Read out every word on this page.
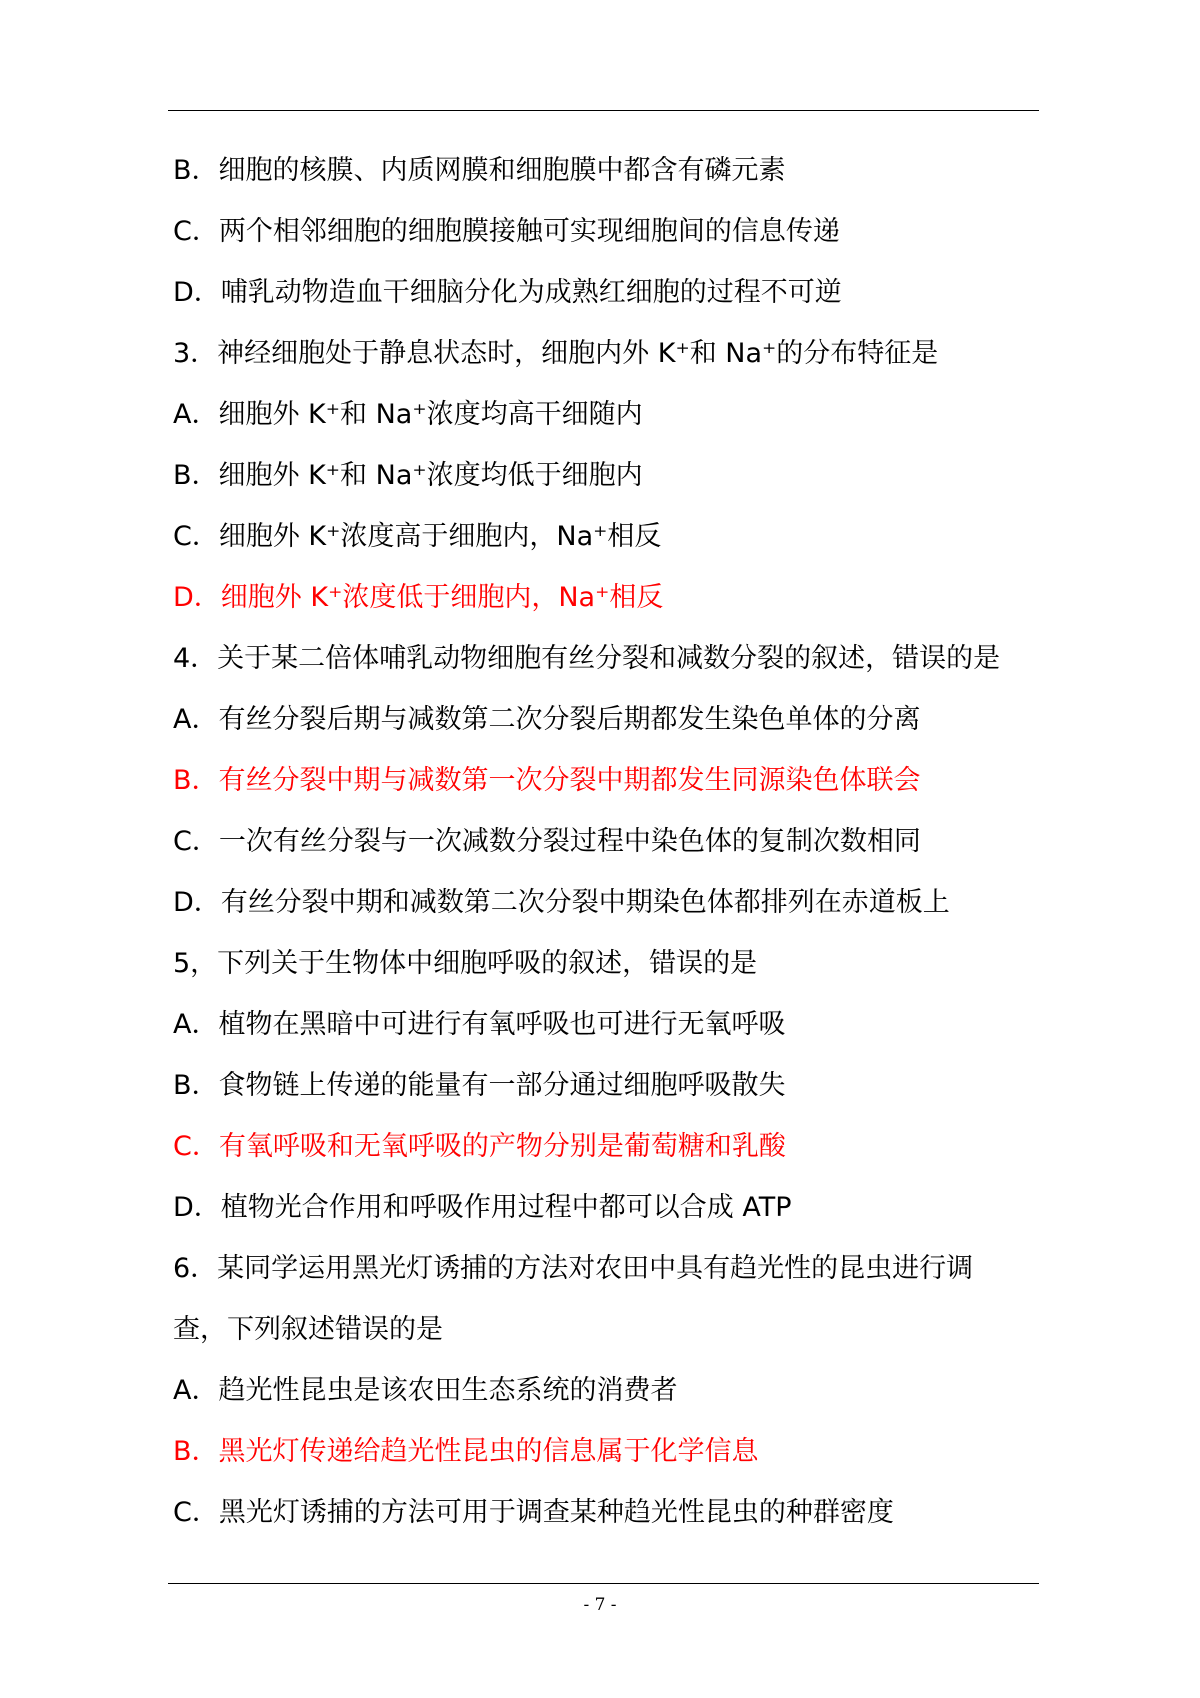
B．细胞的核膜、内质网膜和细胞膜中都含有磷元素
C．两个相邻细胞的细胞膜接触可实现细胞间的信息传递
D．哺乳动物造血干细脑分化为成熟红细胞的过程不可逆
3．神经细胞处于静息状态时，细胞内外 K⁺和 Na⁺的分布特征是
A．细胞外 K⁺和 Na⁺浓度均高干细随内
B．细胞外 K⁺和 Na⁺浓度均低于细胞内
C．细胞外 K⁺浓度高于细胞内，Na⁺相反
D．细胞外 K⁺浓度低于细胞内，Na⁺相反
4．关于某二倍体哺乳动物细胞有丝分裂和减数分裂的叙述，错误的是
A．有丝分裂后期与减数第二次分裂后期都发生染色单体的分离
B．有丝分裂中期与减数第一次分裂中期都发生同源染色体联会
C．一次有丝分裂与一次减数分裂过程中染色体的复制次数相同
D．有丝分裂中期和减数第二次分裂中期染色体都排列在赤道板上
5，下列关于生物体中细胞呼吸的叙述，错误的是
A．植物在黑暗中可进行有氧呼吸也可进行无氧呼吸
B．食物链上传递的能量有一部分通过细胞呼吸散失
C．有氧呼吸和无氧呼吸的产物分别是葡萄糖和乳酸
D．植物光合作用和呼吸作用过程中都可以合成 ATP
6．某同学运用黑光灯诱捕的方法对农田中具有趋光性的昆虫进行调
查，下列叙述错误的是
A．趋光性昆虫是该农田生态系统的消费者
B．黑光灯传递给趋光性昆虫的信息属于化学信息
C．黑光灯诱捕的方法可用于调查某种趋光性昆虫的种群密度
- 7 -
